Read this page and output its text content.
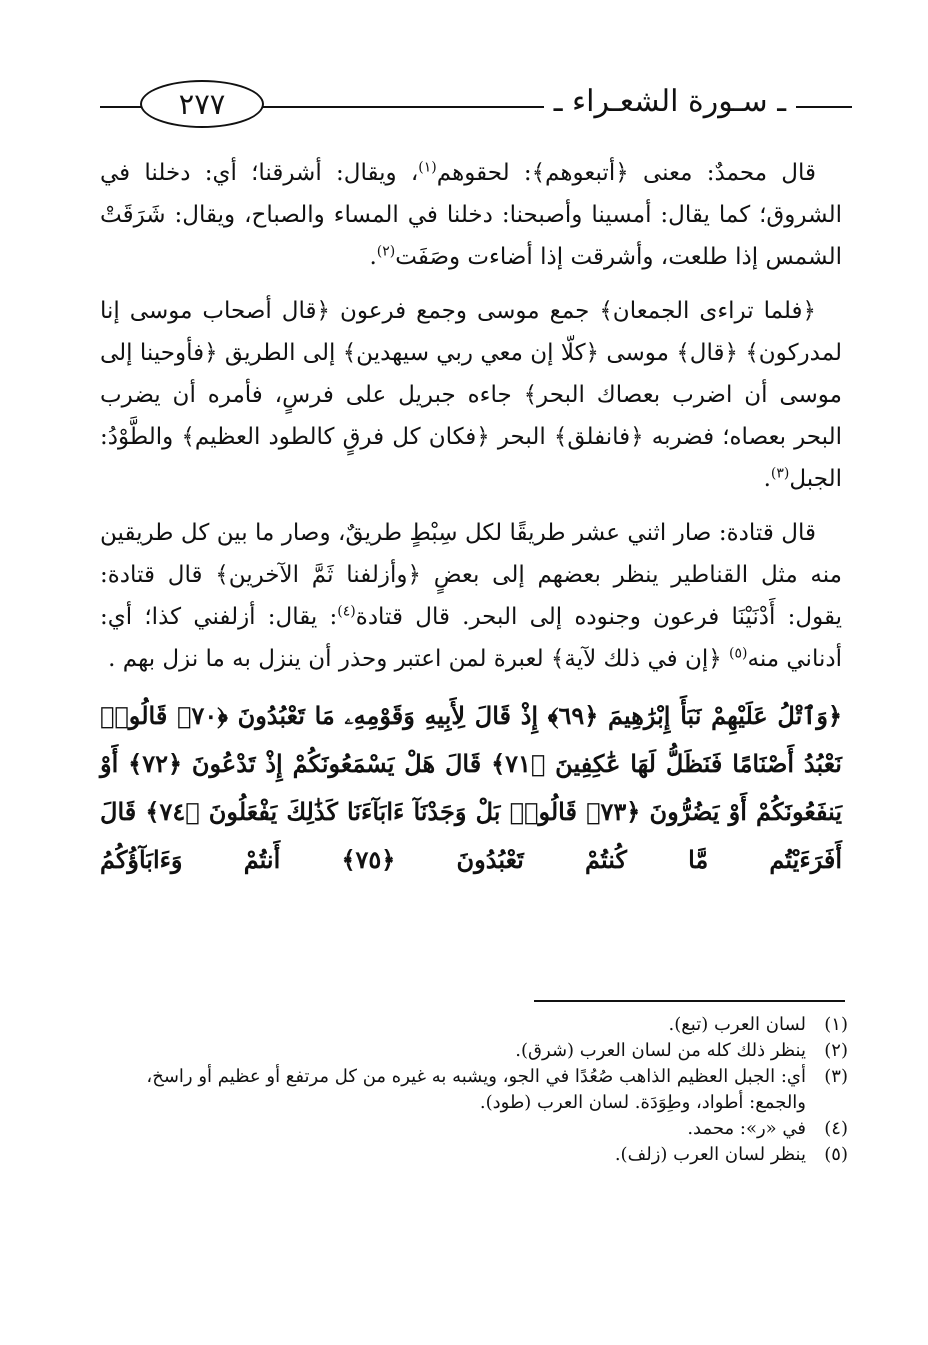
ـ سـورة الشعـراء ـ
٢٧٧

قال محمدٌ: معنى ﴿أتبعوهم﴾: لحقوهم$^{(١)}$، ويقال: أشرقنا؛ أي: دخلنا في الشروق؛ كما يقال: أمسينا وأصبحنا: دخلنا في المساء والصباح، ويقال: شَرَقَتْ الشمس إذا طلعت، وأشرقت إذا أضاءت وصَفَت$^{(٢)}$.

﴿فلما تراءى الجمعان﴾ جمع موسى وجمع فرعون ﴿قال أصحاب موسى إنا لمدركون﴾ ﴿قال﴾ موسى ﴿كلّا إن معي ربي سيهدين﴾ إلى الطريق ﴿فأوحينا إلى موسى أن اضرب بعصاك البحر﴾ جاءه جبريل على فرسٍ، فأمره أن يضرب البحر بعصاه؛ فضربه ﴿فانفلق﴾ البحر ﴿فكان كل فرقٍ كالطود العظيم﴾ والطَّوْدُ: الجبل$^{(٣)}$.

قال قتادة: صار اثني عشر طريقًا لكل سِبْطٍ طريقٌ، وصار ما بين كل طريقين منه مثل القناطير ينظر بعضهم إلى بعضٍ ﴿وأزلفنا ثَمَّ الآخرين﴾ قال قتادة: يقول: أَدْنَيْنَا فرعون وجنوده إلى البحر. قال قتادة$^{(٤)}$: يقال: أزلفني كذا؛ أي: أدناني منه$^{(٥)}$ ﴿إن في ذلك لآية﴾ لعبرة لمن اعتبر وحذر أن ينزل به ما نزل بهم .

﴿وَٱتْلُ عَلَيْهِمْ نَبَأَ إِبْرَٰهِيمَ ﴿٦٩﴾ إِذْ قَالَ لِأَبِيهِ وَقَوْمِهِۦ مَا تَعْبُدُونَ ﴿٧٠﴾ قَالُوا۟ نَعْبُدُ أَصْنَامًا فَنَظَلُّ لَهَا عَٰكِفِينَ ﴿٧١﴾ قَالَ هَلْ يَسْمَعُونَكُمْ إِذْ تَدْعُونَ ﴿٧٢﴾ أَوْ يَنفَعُونَكُمْ أَوْ يَضُرُّونَ ﴿٧٣﴾ قَالُوا۟ بَلْ وَجَدْنَآ ءَابَآءَنَا كَذَٰلِكَ يَفْعَلُونَ ﴿٧٤﴾ قَالَ أَفَرَءَيْتُم مَّا كُنتُمْ تَعْبُدُونَ ﴿٧٥﴾ أَنتُمْ وَءَابَآؤُكُمُ
(١)
لسان العرب (تبع).
(٢)
ينظر ذلك كله من لسان العرب (شرق).
(٣)
أي: الجبل العظيم الذاهب صُعُدًا في الجو، ويشبه به غيره من كل مرتفع أو عظيم أو راسخ، والجمع: أطواد، وطِوَدَة. لسان العرب (طود).
(٤)
في «ر»: محمد.
(٥)
ينظر لسان العرب (زلف).
